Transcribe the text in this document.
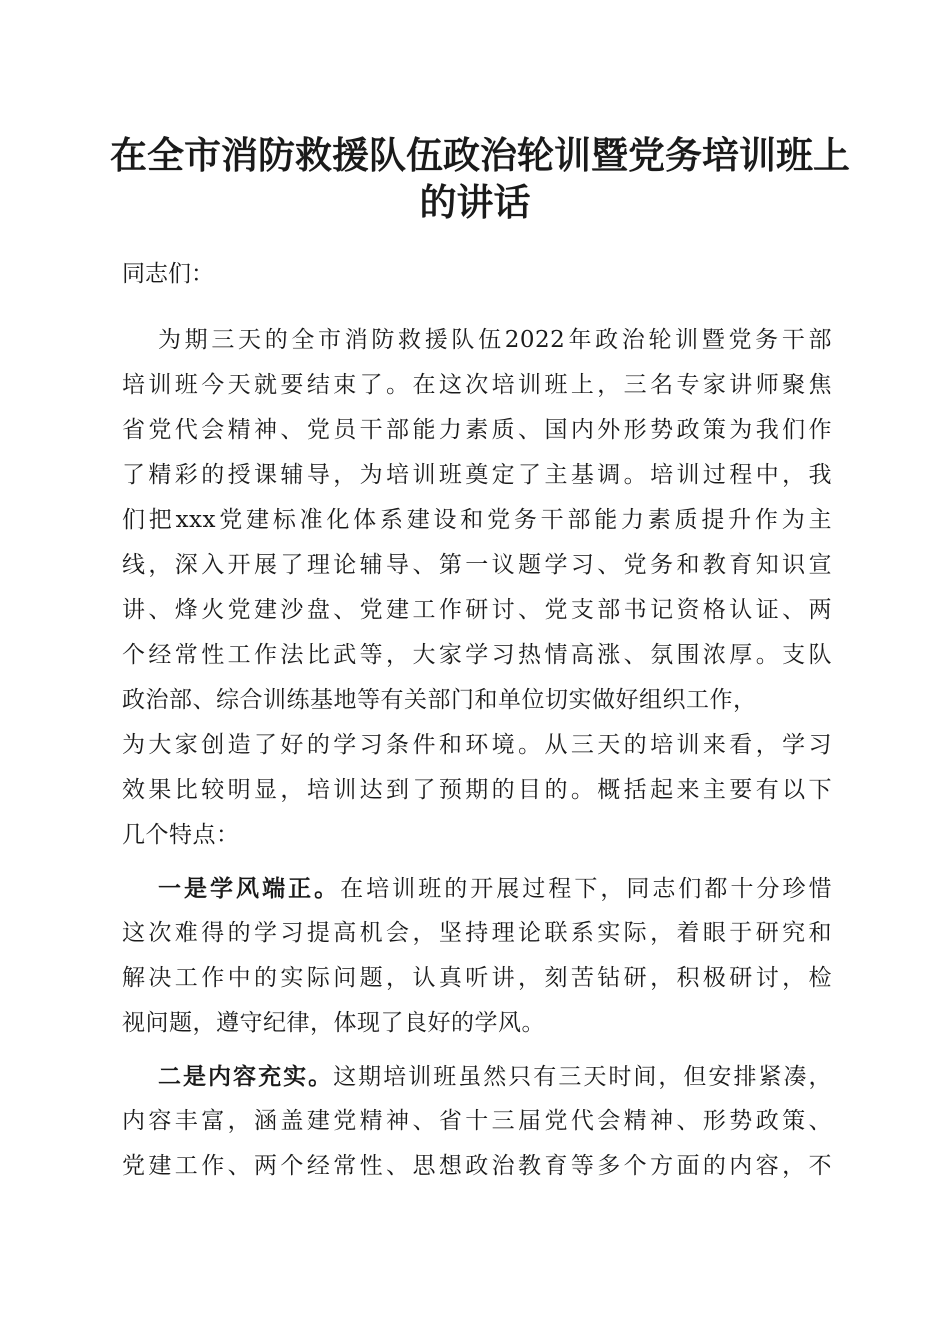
在全市消防救援队伍政治轮训暨党务培训班上
的讲话

同志们：

为期三天的全市消防救援队伍2022年政治轮训暨党务干部
培训班今天就要结束了。在这次培训班上，三名专家讲师聚焦
省党代会精神、党员干部能力素质、国内外形势政策为我们作
了精彩的授课辅导，为培训班奠定了主基调。培训过程中，我
们把xxx党建标准化体系建设和党务干部能力素质提升作为主
线，深入开展了理论辅导、第一议题学习、党务和教育知识宣
讲、烽火党建沙盘、党建工作研讨、党支部书记资格认证、两
个经常性工作法比武等，大家学习热情高涨、氛围浓厚。支队
政治部、综合训练基地等有关部门和单位切实做好组织工作，
为大家创造了好的学习条件和环境。从三天的培训来看，学习
效果比较明显，培训达到了预期的目的。概括起来主要有以下
几个特点：
一是学风端正。在培训班的开展过程下，同志们都十分珍惜
这次难得的学习提高机会，坚持理论联系实际，着眼于研究和
解决工作中的实际问题，认真听讲，刻苦钻研，积极研讨，检
视问题，遵守纪律，体现了良好的学风。
二是内容充实。这期培训班虽然只有三天时间，但安排紧凑，
内容丰富，涵盖建党精神、省十三届党代会精神、形势政策、
党建工作、两个经常性、思想政治教育等多个方面的内容，不
